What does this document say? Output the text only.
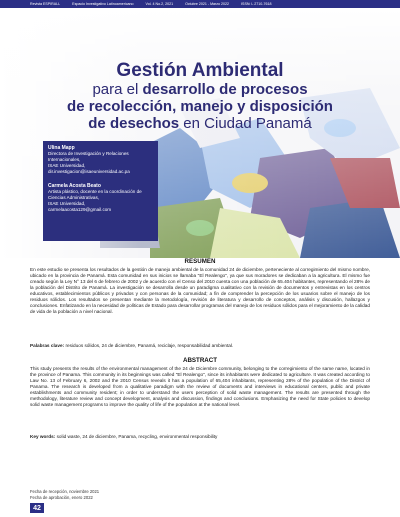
Revista ESPIRALL	Espacio Investigativo Latinoamericano	Vol. 4 No.2, 2021	Octubre 2021 - Marzo 2022	ISSN: L 2710-7618
Gestión Ambiental
para el desarrollo de procesos
de recolección, manejo y disposición
de desechos en Ciudad Panamá
Ulina Mapp
Directora de Investigación y Relaciones Internacionales,
ISAE Universidad,
dir.investigacion@isaeuniversidad.ac.pa
Carmela Acosta Beato
Artista plástico, docente en la coordinación de Ciencias Administrativas,
ISAE Universidad,
carmelaacosta129@gmail.com
RESUMEN
En este estudio se presenta los resultados de la gestión de manejo ambiental de la comunidad 24 de diciembre, perteneciente al corregimiento del mismo nombre, ubicado en la provincia de Panamá. Esta comunidad en sus inicios se llamaba "El Realengo", ya que sus moradores se dedicaban a la agricultura. El mismo fue creado según la Ley N° 13 del 6 de febrero de 2002 y de acuerdo con el Censo del 2010 cuenta con una población de 65.404 habitantes, representando el 28% de la población del Distrito de Panamá. La investigación se desarrolla desde un paradigma cualitativo con la revisión de documentos y entrevistas en los centros educativos, establecimientos públicos y privados y con personas de la comunidad; a fin de comprender la percepción de los usuarios sobre el manejo de los residuos sólidos. Los resultados se presentan mediante la metodología, revisión de literatura y desarrollo de conceptos, análisis y discusión, hallazgos y conclusiones. Enfatizando en la necesidad de políticas de Estado para desarrollar programas del manejo de los residuos sólidos para el mejoramiento de la calidad de vida de la población a nivel nacional.
Palabras clave: residuos sólidos, 24 de diciembre, Panamá, reciclaje, responsabilidad ambiental.
ABSTRACT
This study presents the results of the environmental management of the 24 de Diciembre community, belonging to the corregimiento of the same name, located in the province of Panama. This community in its beginnings was called "El Realengo", since its inhabitants were dedicated to agriculture. It was created according to Law No. 13 of February 6, 2002 and the 2010 Census reveals it has a population of 65,404 inhabitants, representing 28% of the population of the District of Panama. The research is developed from a qualitative paradigm with the review of documents and interviews in educational centers, public and private establishments and community resident; in order to understand the users perception of solid waste management. The results are presented through the methodology, literature review and concept development, analysis and discussion, findings and conclusions. Emphasizing the need for State policies to develop solid waste management programs to improve the quality of life of the population at the national level.
Key words: solid waste, 24 de diciembre, Panama, recycling, environmental responsibility
Fecha de recepción, noviembre 2021
Fecha de aprobación, enero 2022
42
